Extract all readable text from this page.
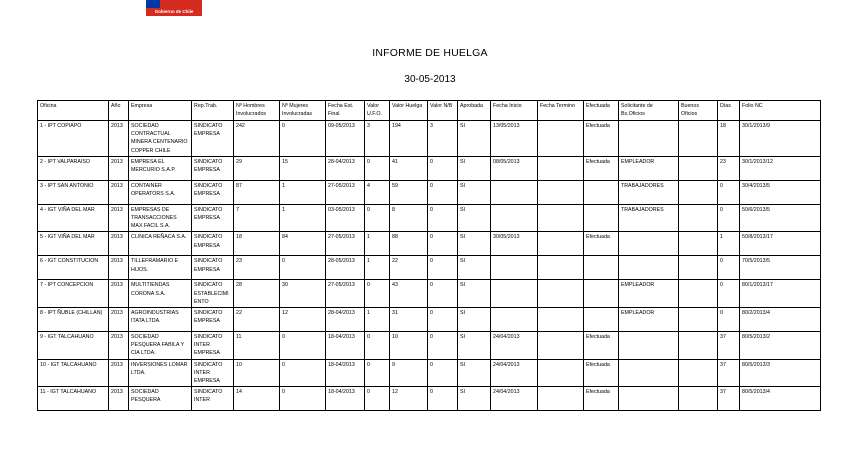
Gobierno de Chile
INFORME DE HUELGA
30-05-2013
Oficina	Año	Empresa	Rep.Trab.	Nº Hombres Involucrados	Nº Mujeres Involucradas	Fecha Est. Final	Valor U.F.O.	Valor Huelga	Valor N/B	Aprobada	Fecha Inicio	Fecha Termino	Efectuada	Solicitante de Bs.Oficios	Buenos Oficios	Días	Folio NC
1 - IPT COPIAPO	2013	SOCIEDAD CONTRACTUAL MINERA CENTENARIO COPPER CHILE	SINDICATO EMPRESA	242	0	09-05/2013	3	194	3	SI	13/05/2013		Efectuada			18	30/1/2013/9
2 - IPT VALPARAISO	2013	EMPRESA EL MERCURIO S.A.P.	SINDICATO EMPRESA	29	15	28-04/2013	0	41	0	SI	08/05/2013		Efectuada	EMPLEADOR		23	30/1/2013/12
3 - IPT SAN ANTONIO	2013	CONTAINER OPERATORS S.A.	SINDICATO EMPRESA	87	1	27-05/2013	4	59	0	SI				TRABAJADORES		0	30/4/2013/5
4 - IGT VIÑA DEL MAR	2013	EMPRESAS DE TRANSACCIONES MAX FACIL S.A.	SINDICATO EMPRESA	7	1	03-05/2013	0	8	0	SI				TRABAJADORES		0	50/6/2013/5
5 - IGT VIÑA DEL MAR	2013	CLINICA REÑACA S.A.	SINDICATO EMPRESA	18	84	27-05/2013	1	88	0	SI	30/05/2013		Efectuada			1	50/8/2013/17
6 - IGT CONSTITUCION	2013	TILLEFRAMARIO E HIJOS.	SINDICATO EMPRESA	23	0	28-05/2013	1	22	0	SI						0	70/5/2013/5
7 - IPT CONCEPCION	2013	MULTITIENDAS CORONA S.A.	SINDICATO ESTABLECIMIENTO	28	30	27-05/2013	0	43	0	SI				EMPLEADOR		0	80/1/2013/17
8 - IPT ÑUBLE (CHILLAN)	2013	AGROINDUSTRIAS ITATA LTDA.	SINDICATO EMPRESA	22	12	28-04/2013	1	31	0	SI				EMPLEADOR		0	80/2/2013/4
9 - IGT TALCAHUANO	2013	SOCIEDAD PESQUERA FABILA Y CIA LTDA.	SINDICATO INTER EMPRESA	11	0	18-04/2013	0	10	0	SI	24/04/2013		Efectuada			37	80/5/2013/2
10 - IGT TALCAHUANO	2013	INVERSIONES LOMAR LTDA.	SINDICATO INTER EMPRESA	10	0	18-04/2013	0	9	0	SI	24/04/2013		Efectuada			37	80/5/2013/3
11 - IGT TALCAHUANO	2013	SOCIEDAD PESQUERA	SINDICATO INTER	14	0	18-04/2013	0	12	0	SI	24/04/2013		Efectuada			37	80/5/2013/4
